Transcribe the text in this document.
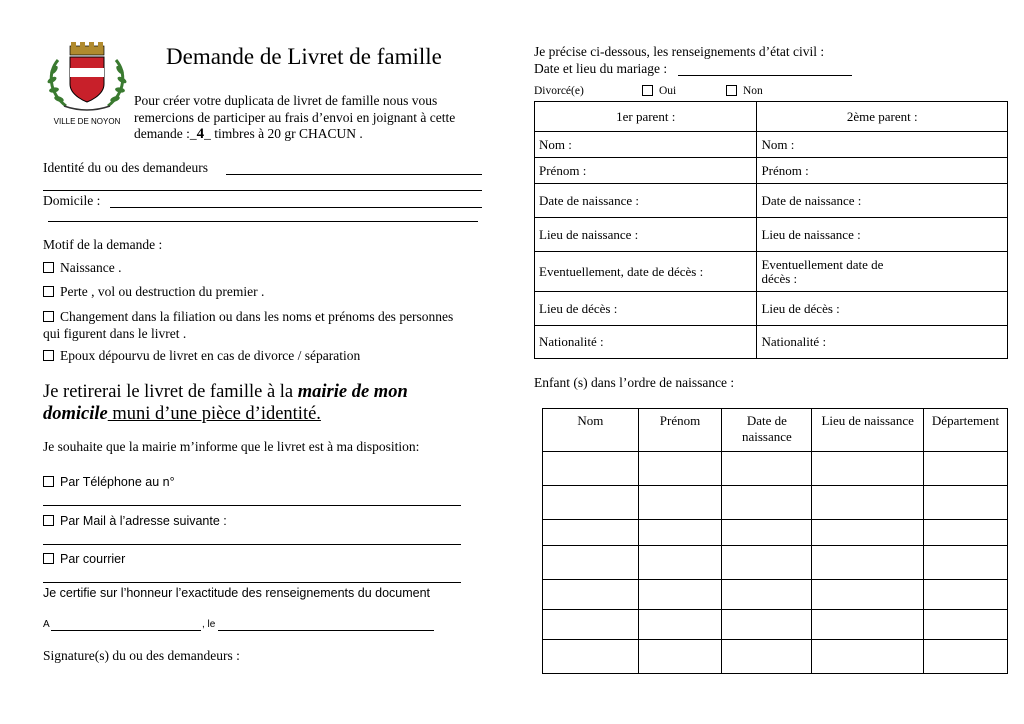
VILLE DE NOYON
Demande de Livret de famille
Pour créer votre duplicata de livret de famille nous vous
remercions de participer au frais d’envoi en joignant à cette
demande :_4_ timbres à 20 gr CHACUN .
Identité du ou des demandeurs
Domicile :
Motif de la demande :
Naissance .
Perte , vol ou destruction du premier .
Changement dans la filiation ou dans les noms et prénoms des personnes
qui figurent dans le livret .
Epoux dépourvu de livret en cas de divorce / séparation
Je retirerai le livret de famille à la mairie de mon
domicile muni d’une pièce d’identité.
Je souhaite que la mairie m’informe que le livret est à ma disposition:
Par Téléphone au n°
Par Mail à l’adresse suivante :
Par courrier
Je certifie sur l’honneur l’exactitude des renseignements du document
A	, le
Signature(s) du ou des demandeurs :
Je précise ci-dessous, les renseignements d’état civil :
Date et lieu du mariage :
Divorcé(e)	Oui	Non
1er parent :	2ème parent :
Nom :	Nom :
Prénom :	Prénom :
Date de naissance :	Date de naissance :
Lieu de naissance :	Lieu de naissance :
Eventuellement, date de décès :	Eventuellement date de décès :

Lieu de décès :	Lieu de décès :
Nationalité :	Nationalité :
Enfant (s) dans l’ordre de naissance :
Nom	Prénom	Date de naissance	Lieu de naissance	Département
